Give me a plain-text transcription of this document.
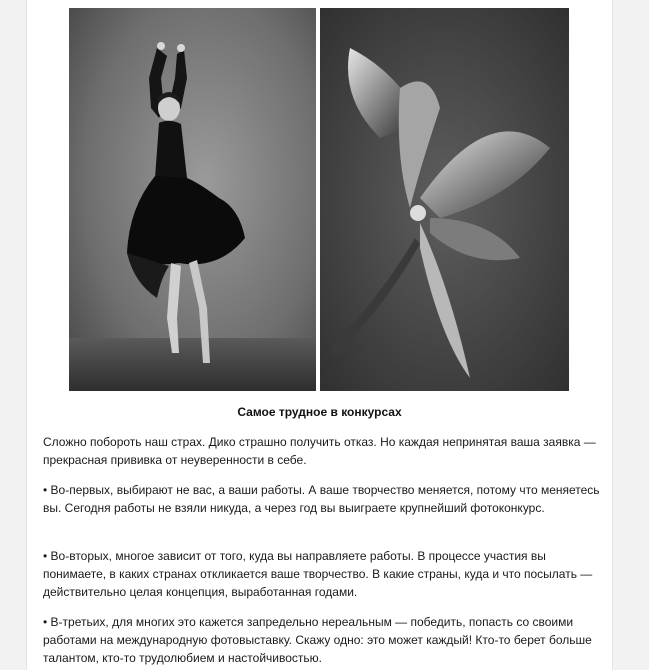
Самое трудное в конкурсах

Сложно побороть наш страх. Дико страшно получить отказ. Но каждая непринятая ваша заявка — прекрасная прививка от неуверенности в себе.

• Во-первых, выбирают не вас, а ваши работы. А ваше творчество меняется, потому что меняетесь вы. Сегодня работы не взяли никуда, а через год вы выиграете крупнейший фотоконкурс.

• Во-вторых, многое зависит от того, куда вы направляете работы. В процессе участия вы понимаете, в каких странах откликается ваше творчество. В какие страны, куда и что посылать — действительно целая концепция, выработанная годами.

• В-третьих, для многих это кажется запредельно нереальным — победить, попасть со своими работами на международную фотовыставку. Скажу одно: это может каждый! Кто-то берет больше талантом, кто-то трудолюбием и настойчивостью.
